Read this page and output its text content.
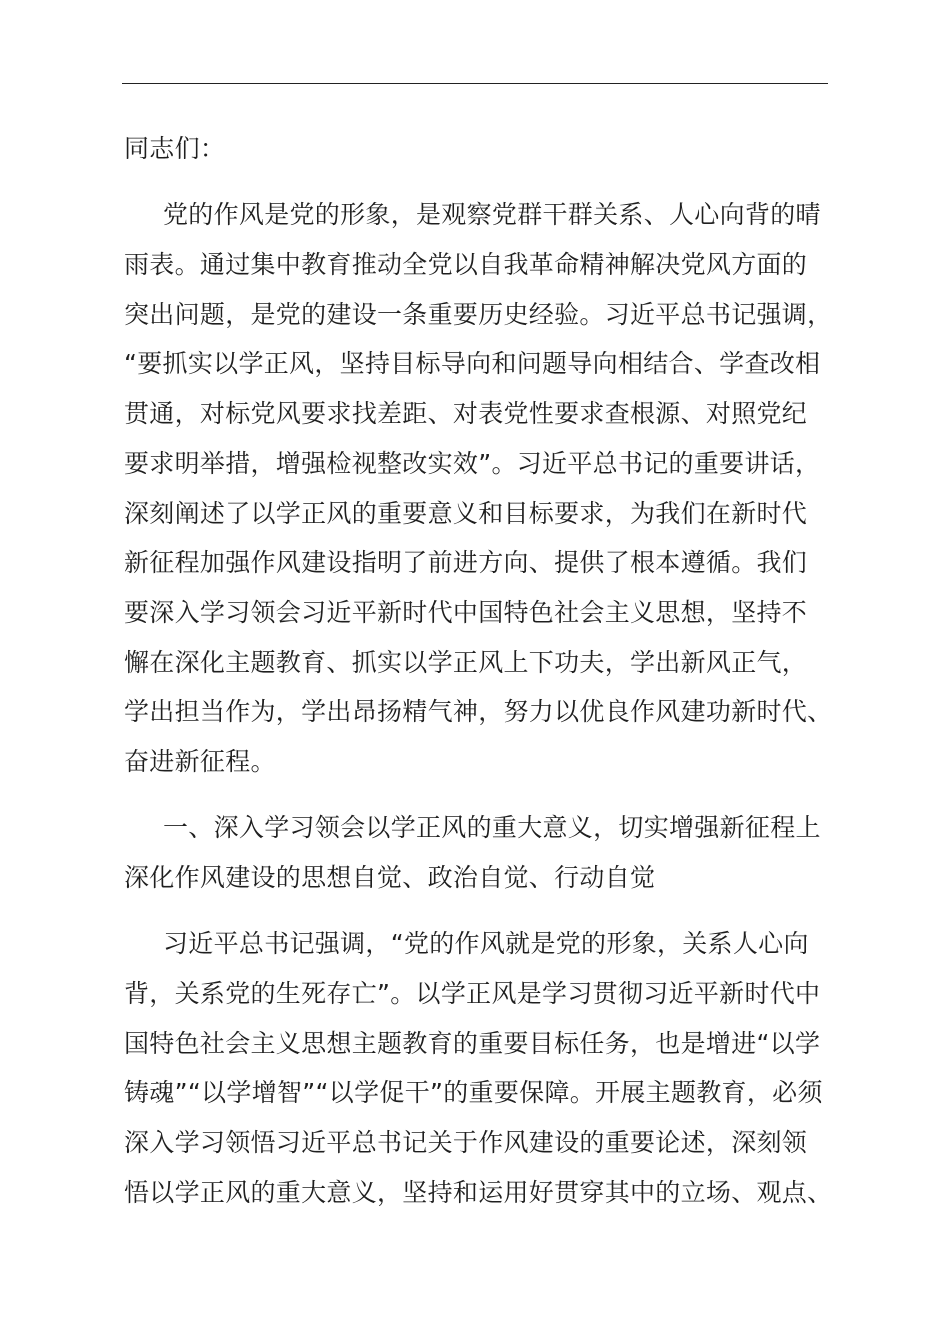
同志们：
党的作风是党的形象，是观察党群干群关系、人心向背的晴
雨表。通过集中教育推动全党以自我革命精神解决党风方面的
突出问题，是党的建设一条重要历史经验。习近平总书记强调，
“要抓实以学正风，坚持目标导向和问题导向相结合、学查改相
贯通，对标党风要求找差距、对表党性要求查根源、对照党纪
要求明举措，增强检视整改实效”。习近平总书记的重要讲话，
深刻阐述了以学正风的重要意义和目标要求，为我们在新时代
新征程加强作风建设指明了前进方向、提供了根本遵循。我们
要深入学习领会习近平新时代中国特色社会主义思想，坚持不
懈在深化主题教育、抓实以学正风上下功夫，学出新风正气，
学出担当作为，学出昂扬精气神，努力以优良作风建功新时代、
奋进新征程。
一、深入学习领会以学正风的重大意义，切实增强新征程上
深化作风建设的思想自觉、政治自觉、行动自觉
习近平总书记强调，“党的作风就是党的形象，关系人心向
背，关系党的生死存亡”。以学正风是学习贯彻习近平新时代中
国特色社会主义思想主题教育的重要目标任务，也是增进“以学
铸魂”“以学增智”“以学促干”的重要保障。开展主题教育，必须
深入学习领悟习近平总书记关于作风建设的重要论述，深刻领
悟以学正风的重大意义，坚持和运用好贯穿其中的立场、观点、
